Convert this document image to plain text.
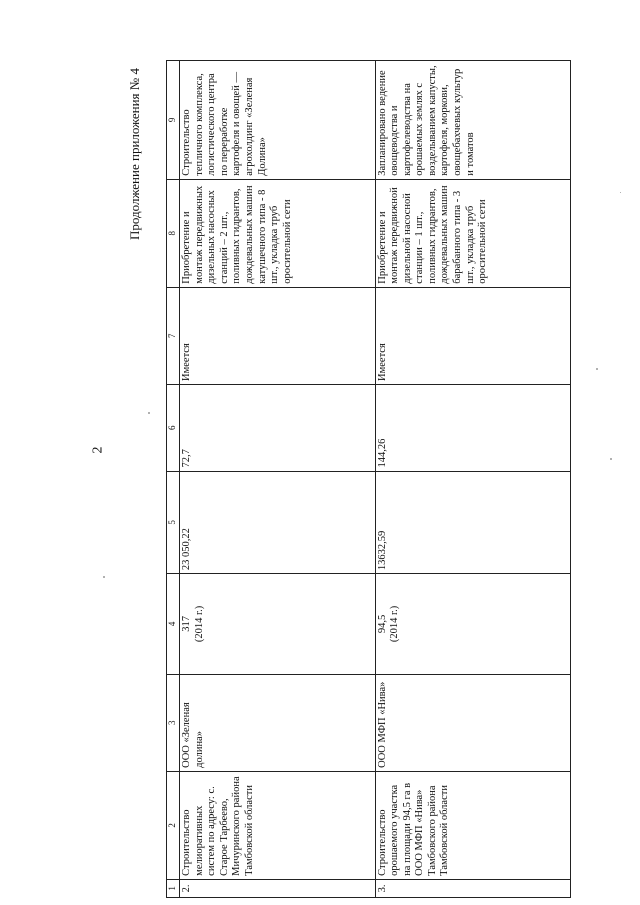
2
Продолжение приложения № 4
1	2	3	4	5	6	7	8	9
2.	Строительство мелиоративных систем по адресу: с. Старое Тарбеево, Мичуринского района Тамбовской области	ООО «Зеленая долина»	317 (2014 г.)	23 050,22	72,7	Имеется	Приобретение и монтаж передвижных дизельных насосных станций – 2 шт., поливных гидрантов, дождевальных машин катушечного типа - 8 шт., укладка труб оросительной сети	Строительство тепличного комплекса, логистического центра по переработке картофеля и овощей — агрохолдинг «Зеленая Долина»
3.	Строительство орошаемого участка на площади 94,5 га в ООО МФП «Нива» Тамбовского района Тамбовской области	ООО МФП «Нива»	94,5 (2014 г.)	13632,59	144,26	Имеется	Приобретение и монтаж передвижной дизельной насосной станции – 1 шт., поливных гидрантов, дождевальных машин барабанного типа - 3 шт., укладка труб оросительной сети	Запланировано ведение овощеводства и картофелеводства на орошаемых землях с возделыванием капусты, картофеля, моркови, овощебахчевых культур и томатов
